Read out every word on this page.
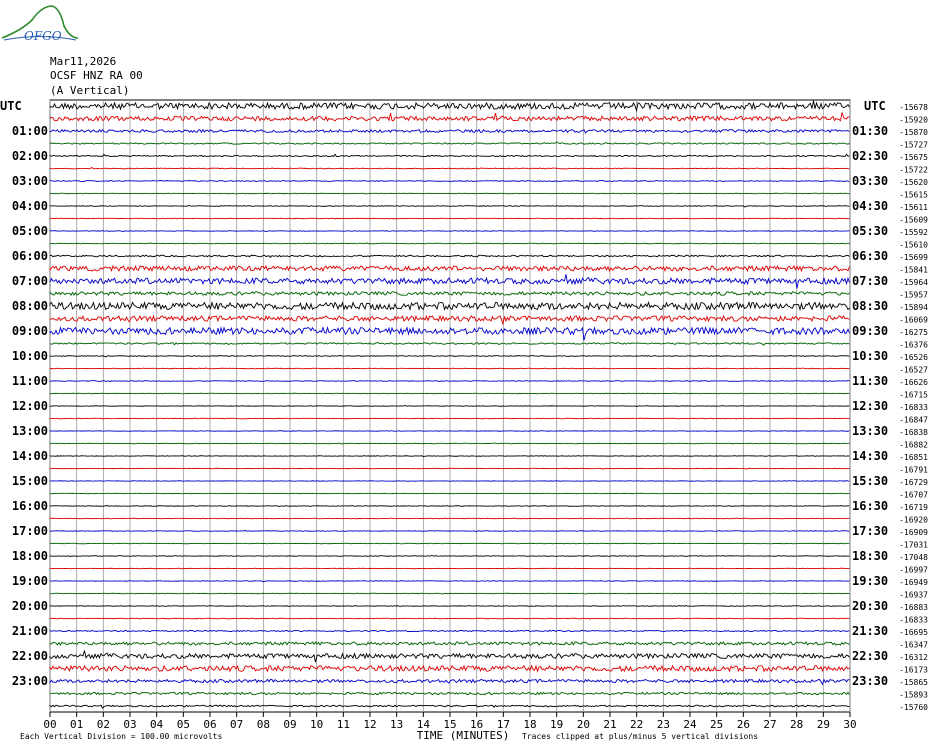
OFGO
Mar11,2026
OCSF HNZ RA 00
(A Vertical)
00 01 02 03 04 05 06 07 08 09 10 11 12 13 14 15 16 17 18 19 20 21 22 23 24 25 26 27 28 29 30
UTC	UTC
01:00
02:00
03:00
04:00
05:00
06:00
07:00
08:00
09:00
10:00
11:00
12:00
13:00
14:00
15:00
16:00
17:00
18:00
19:00
20:00
21:00
22:00
23:00
01:30
02:30
03:30
04:30
05:30
06:30
07:30
08:30
09:30
10:30
11:30
12:30
13:30
14:30
15:30
16:30
17:30
18:30
19:30
20:30
21:30
22:30
23:30
-15678
-15920
-15870
-15727
-15675
-15722
-15620
-15615
-15611
-15609
-15592
-15610
-15699
-15841
-15964
-15957
-15894
-16069
-16275
-16376
-16526
-16527
-16626
-16715
-16833
-16847
-16838
-16882
-16851
-16791
-16729
-16707
-16719
-16920
-16909
-17031
-17048
-16997
-16949
-16937
-16883
-16833
-16695
-16347
-16312
-16173
-15865
-15893
-15760
TIME (MINUTES)
Each Vertical Division = 100.00 microvolts	Traces clipped at plus/minus 5 vertical divisions
